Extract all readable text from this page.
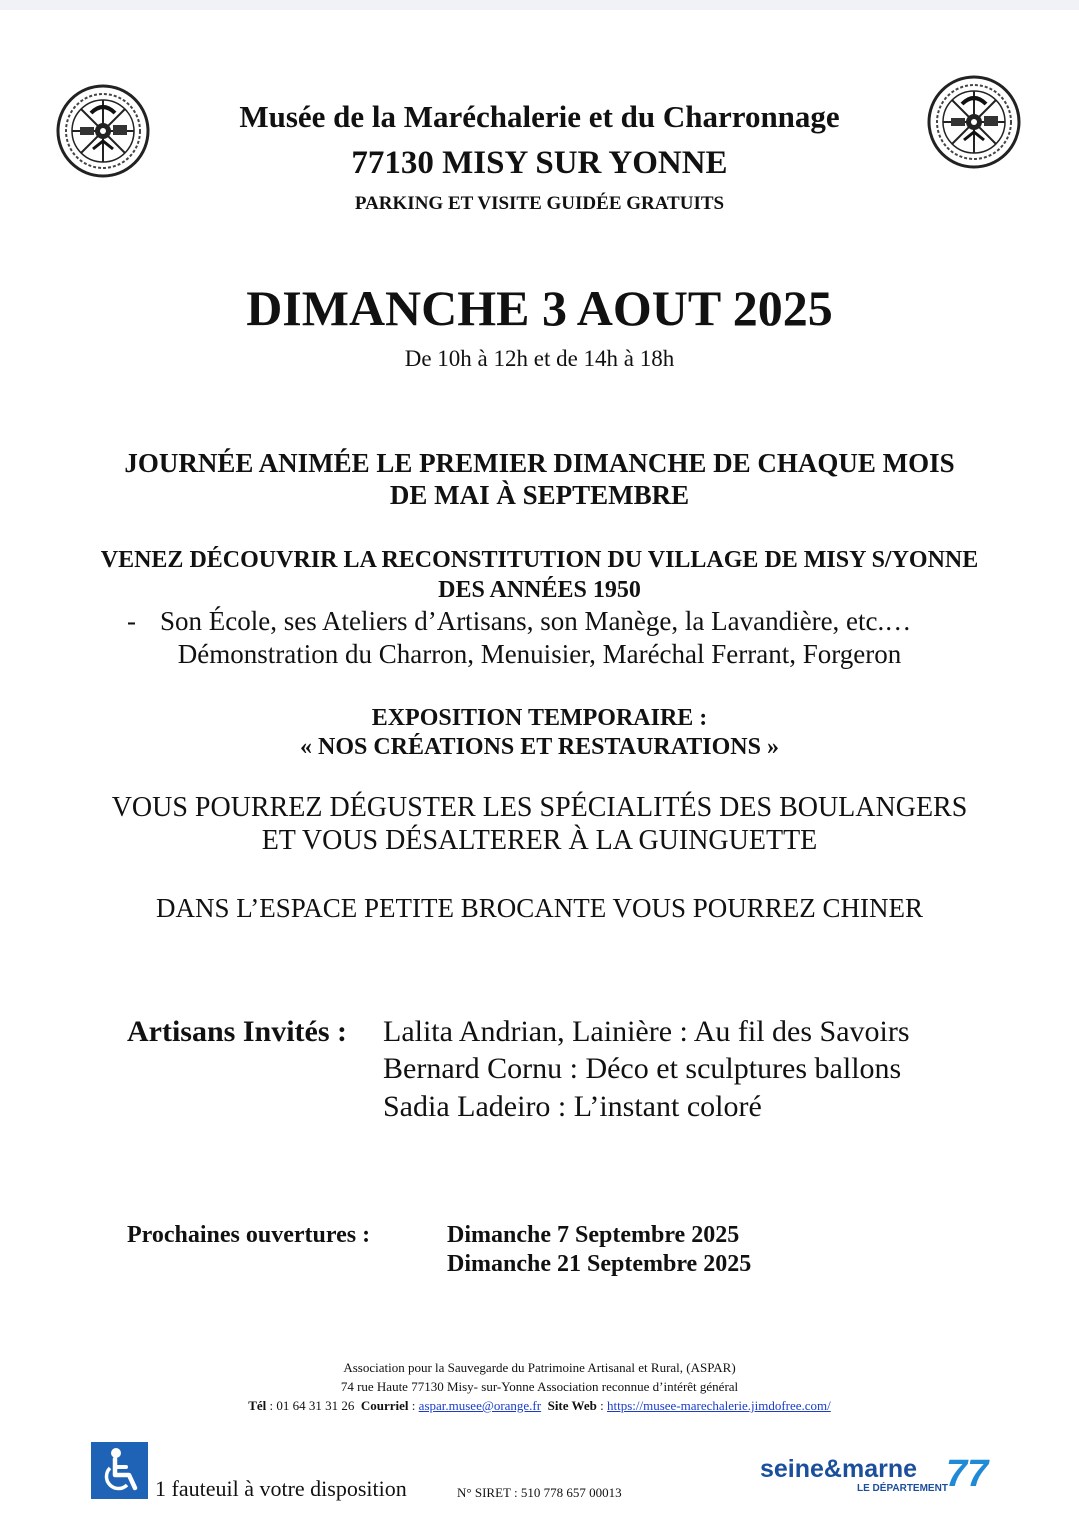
Musée de la Maréchalerie et du Charronnage
77130 MISY SUR YONNE
PARKING ET VISITE GUIDÉE GRATUITS
DIMANCHE 3 AOUT 2025
De 10h à 12h et de 14h à 18h
JOURNÉE ANIMÉE LE PREMIER DIMANCHE DE CHAQUE MOIS
DE MAI À SEPTEMBRE
VENEZ DÉCOUVRIR LA RECONSTITUTION DU VILLAGE DE MISY S/YONNE
DES ANNÉES 1950
- Son École, ses Ateliers d’Artisans, son Manège, la Lavandière, etc.…
Démonstration du Charron, Menuisier, Maréchal Ferrant, Forgeron
EXPOSITION TEMPORAIRE :
« NOS CRÉATIONS ET RESTAURATIONS »
VOUS POURREZ DÉGUSTER LES SPÉCIALITÉS DES BOULANGERS
ET VOUS DÉSALTERER À LA GUINGUETTE
DANS L’ESPACE PETITE BROCANTE VOUS POURREZ CHINER
Artisans Invités : Lalita Andrian, Lainière : Au fil des Savoirs
Bernard Cornu : Déco et sculptures ballons
Sadia Ladeiro : L’instant coloré
Prochaines ouvertures :	Dimanche 7 Septembre 2025
Dimanche 21 Septembre 2025
Association pour la Sauvegarde du Patrimoine Artisanal et Rural, (ASPAR)
74 rue Haute 77130 Misy- sur-Yonne Association reconnue d’intérêt général
Tél : 01 64 31 31 26 Courriel : aspar.musee@orange.fr Site Web : https://musee-marechalerie.jimdofree.com/
1 fauteuil à votre disposition	N° SIRET : 510 778 657 00013
seine&marne
LE DÉPARTEMENT
77
